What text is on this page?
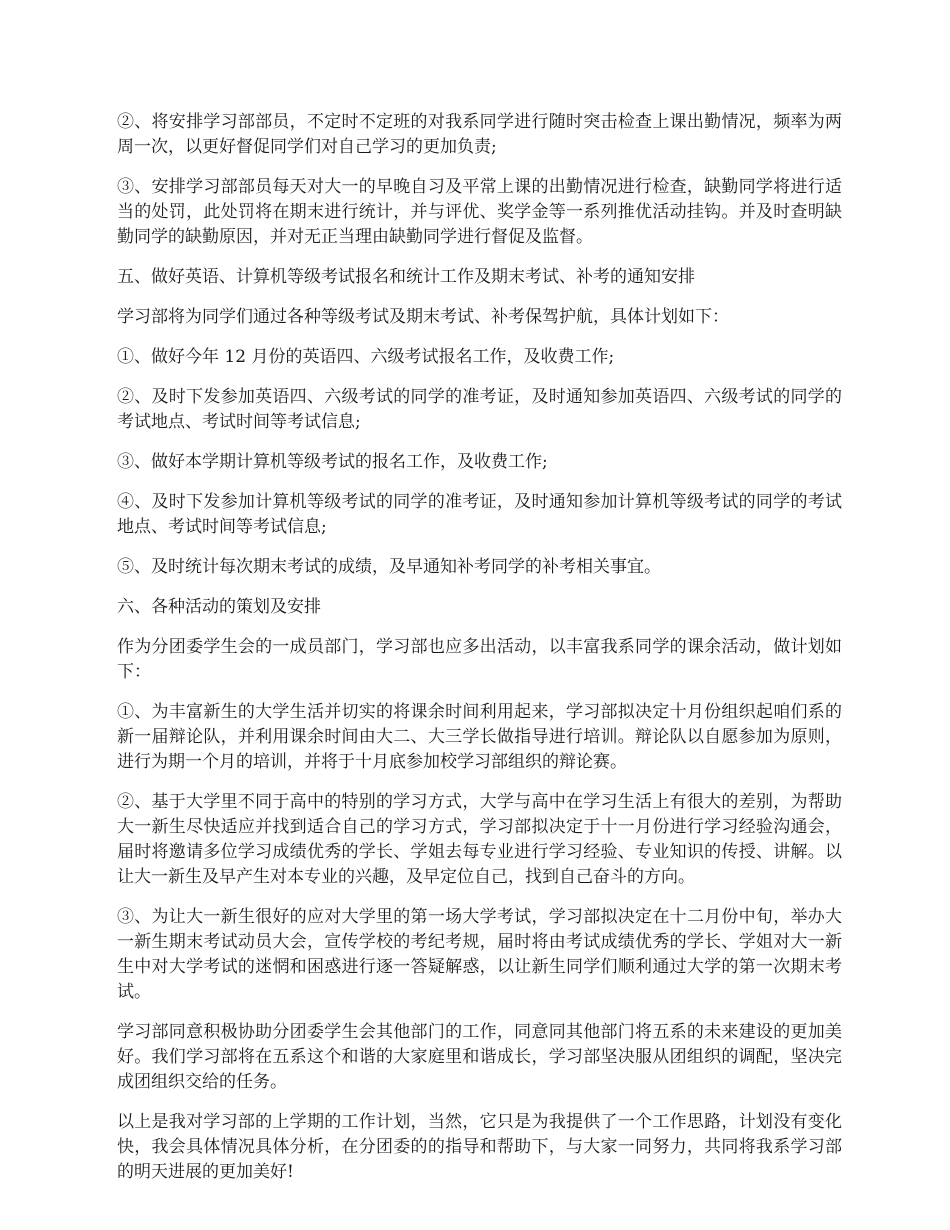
②、将安排学习部部员，不定时不定班的对我系同学进行随时突击检查上课出勤情况，频率为两周一次，以更好督促同学们对自己学习的更加负责;

③、安排学习部部员每天对大一的早晚自习及平常上课的出勤情况进行检查，缺勤同学将进行适当的处罚，此处罚将在期末进行统计，并与评优、奖学金等一系列推优活动挂钩。并及时查明缺勤同学的缺勤原因，并对无正当理由缺勤同学进行督促及监督。

五、做好英语、计算机等级考试报名和统计工作及期末考试、补考的通知安排

学习部将为同学们通过各种等级考试及期末考试、补考保驾护航，具体计划如下：

①、做好今年 12 月份的英语四、六级考试报名工作，及收费工作;

②、及时下发参加英语四、六级考试的同学的准考证，及时通知参加英语四、六级考试的同学的考试地点、考试时间等考试信息;

③、做好本学期计算机等级考试的报名工作，及收费工作;

④、及时下发参加计算机等级考试的同学的准考证，及时通知参加计算机等级考试的同学的考试地点、考试时间等考试信息;

⑤、及时统计每次期末考试的成绩，及早通知补考同学的补考相关事宜。

六、各种活动的策划及安排

作为分团委学生会的一成员部门，学习部也应多出活动，以丰富我系同学的课余活动，做计划如下：

①、为丰富新生的大学生活并切实的将课余时间利用起来，学习部拟决定十月份组织起咱们系的新一届辩论队，并利用课余时间由大二、大三学长做指导进行培训。辩论队以自愿参加为原则，进行为期一个月的培训，并将于十月底参加校学习部组织的辩论赛。

②、基于大学里不同于高中的特别的学习方式，大学与高中在学习生活上有很大的差别，为帮助大一新生尽快适应并找到适合自己的学习方式，学习部拟决定于十一月份进行学习经验沟通会，届时将邀请多位学习成绩优秀的学长、学姐去每专业进行学习经验、专业知识的传授、讲解。以让大一新生及早产生对本专业的兴趣，及早定位自己，找到自己奋斗的方向。

③、为让大一新生很好的应对大学里的第一场大学考试，学习部拟决定在十二月份中旬，举办大一新生期末考试动员大会，宣传学校的考纪考规，届时将由考试成绩优秀的学长、学姐对大一新生中对大学考试的迷惘和困惑进行逐一答疑解惑，以让新生同学们顺利通过大学的第一次期末考试。

学习部同意积极协助分团委学生会其他部门的工作，同意同其他部门将五系的未来建设的更加美好。我们学习部将在五系这个和谐的大家庭里和谐成长，学习部坚决服从团组织的调配，坚决完成团组织交给的任务。

以上是我对学习部的上学期的工作计划，当然，它只是为我提供了一个工作思路，计划没有变化快，我会具体情况具体分析，在分团委的的指导和帮助下，与大家一同努力，共同将我系学习部的明天进展的更加美好!
